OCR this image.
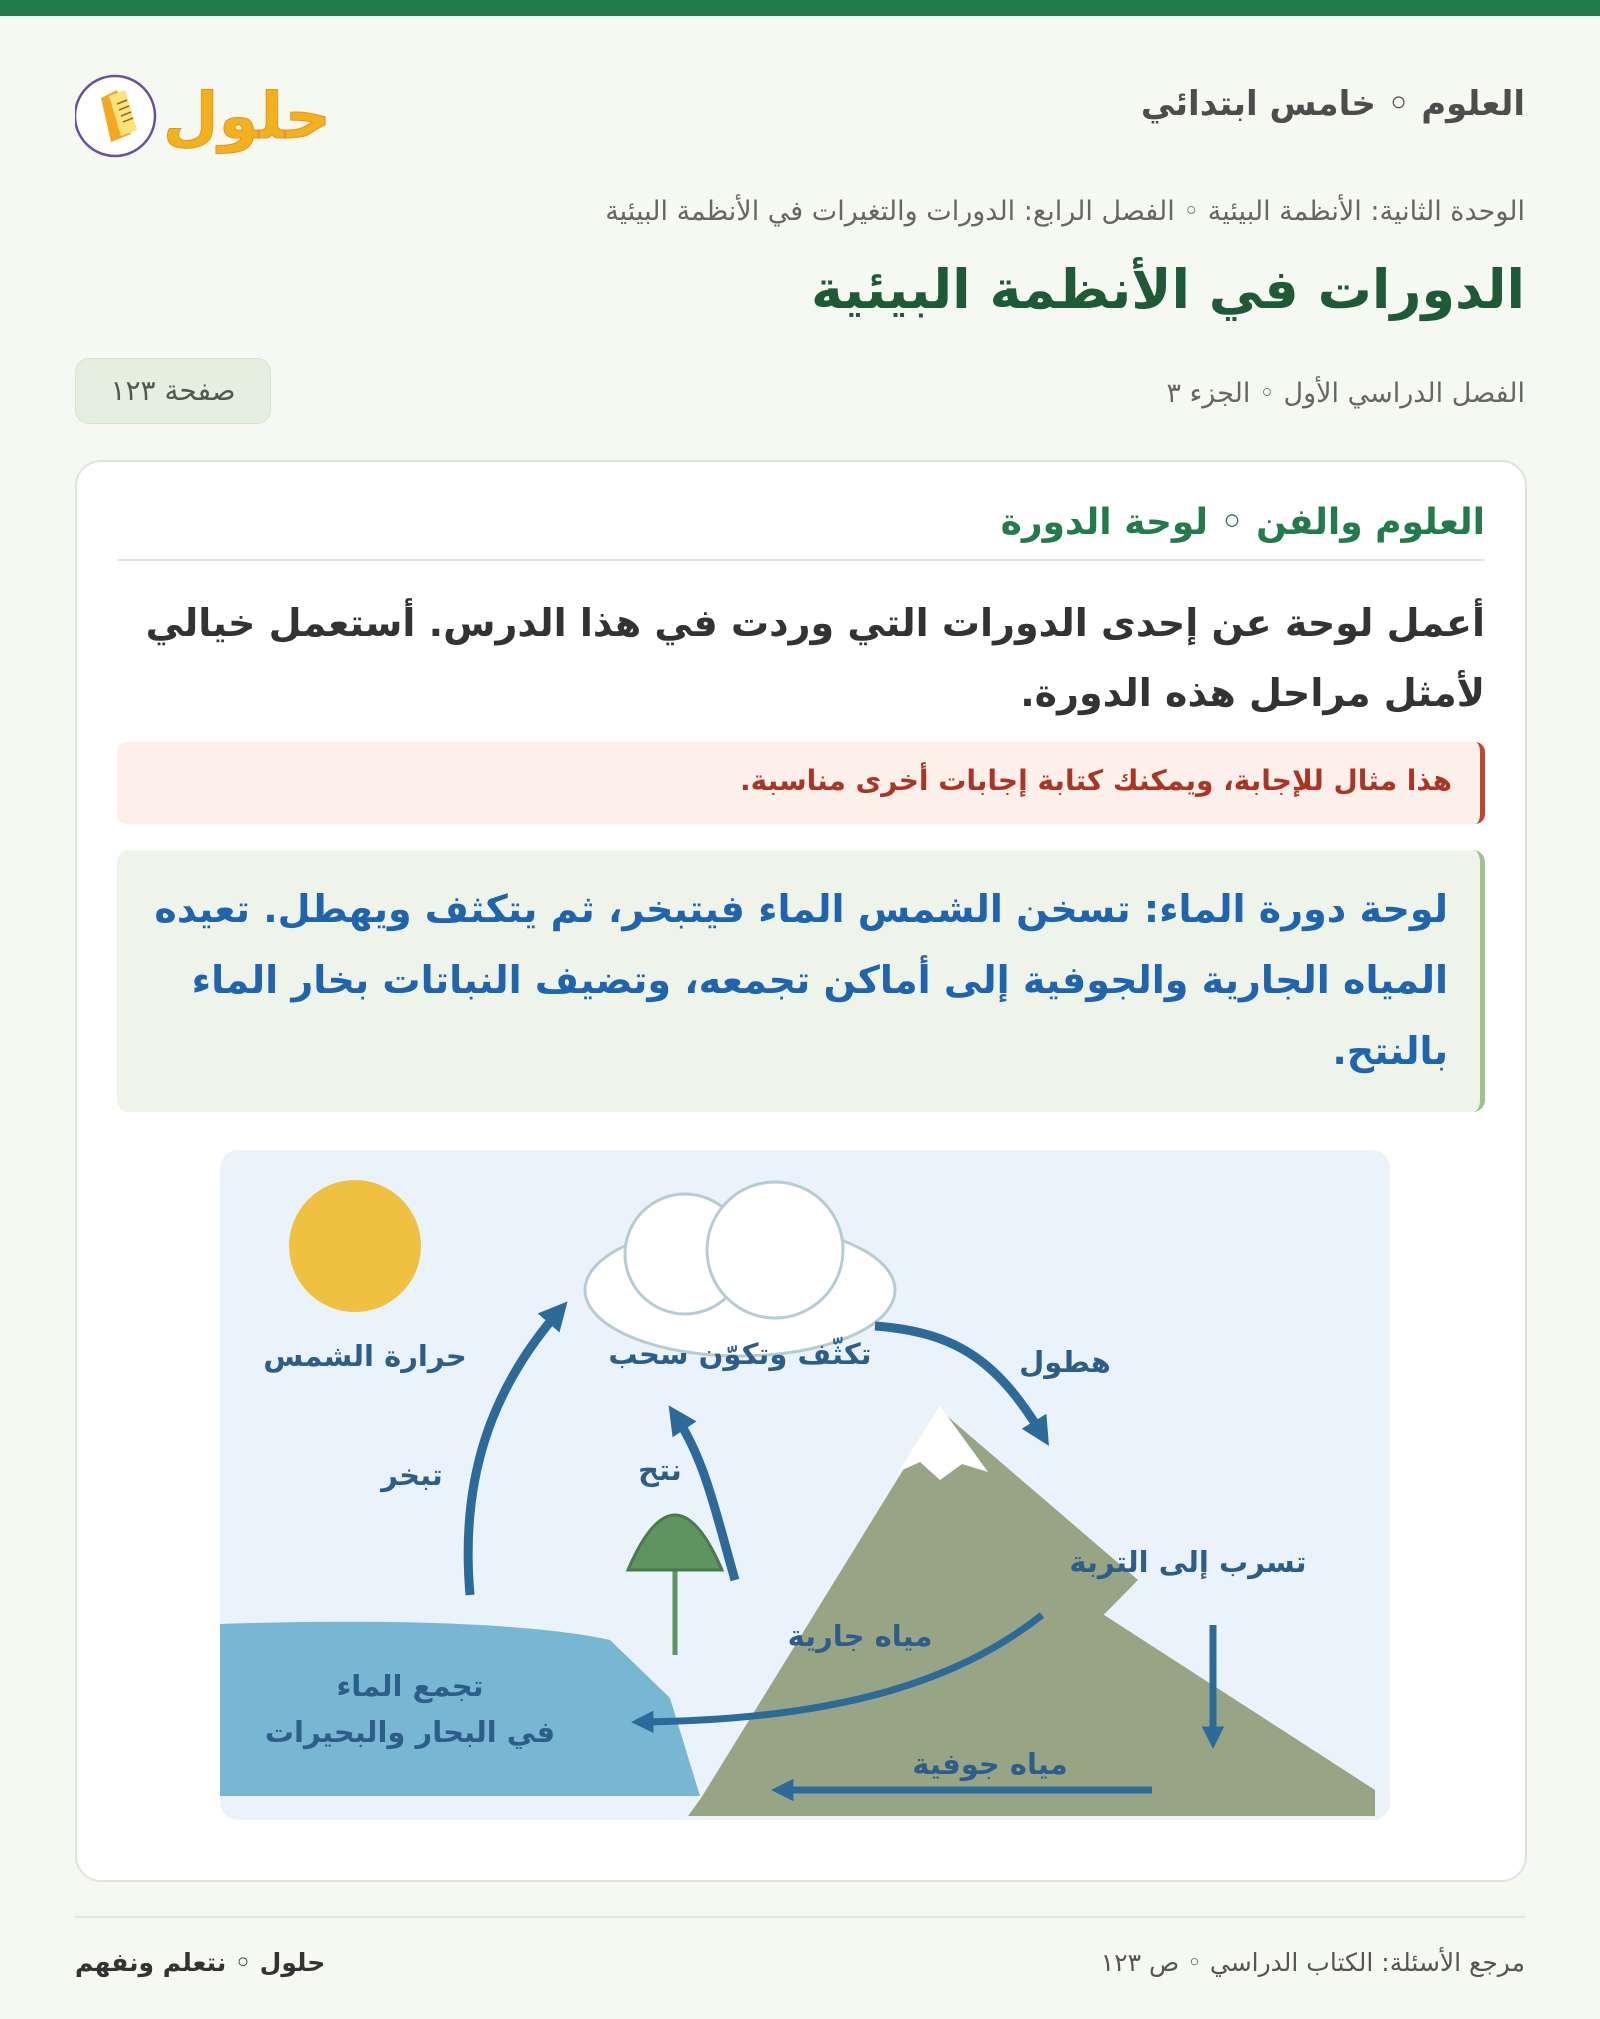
العلوم ◦ خامس ابتدائي
حلول
الوحدة الثانية: الأنظمة البيئية ◦ الفصل الرابع: الدورات والتغيرات في الأنظمة البيئية
الدورات في الأنظمة البيئية
الفصل الدراسي الأول ◦ الجزء ٣
صفحة ١٢٣
العلوم والفن ◦ لوحة الدورة
أعمل لوحة عن إحدى الدورات التي وردت في هذا الدرس. أستعمل خيالي لأمثل مراحل هذه الدورة.
هذا مثال للإجابة، ويمكنك كتابة إجابات أخرى مناسبة.
لوحة دورة الماء: تسخن الشمس الماء فيتبخر، ثم يتكثف ويهطل. تعيده المياه الجارية والجوفية إلى أماكن تجمعه، وتضيف النباتات بخار الماء بالنتح.
حرارة الشمس	تكثّف وتكوّن سحب	هطول
تبخر	نتح
تسرب إلى التربة
مياه جارية
تجمع الماء
في البحار والبحيرات
مياه جوفية
مرجع الأسئلة: الكتاب الدراسي ◦ ص ١٢٣
حلول ◦ نتعلم ونفهم
